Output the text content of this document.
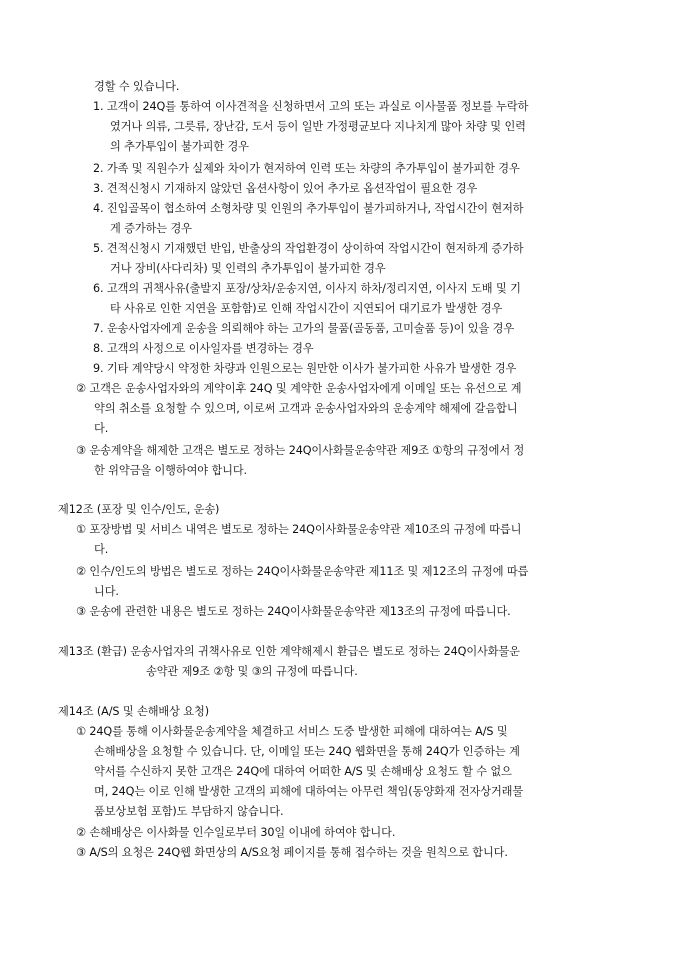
경할 수 있습니다.
1. 고객이 24Q를 통하여 이사견적을 신청하면서 고의 또는 과실로 이사물품 정보를 누락하
였거나 의류, 그릇류, 장난감, 도서 등이 일반 가정평균보다 지나치게 많아 차량 및 인력
의 추가투입이 불가피한 경우
2. 가족 및 직원수가 실제와 차이가 현저하여 인력 또는 차량의 추가투입이 불가피한 경우
3. 견적신청시 기재하지 않았던 옵션사항이 있어 추가로 옵션작업이 필요한 경우
4. 진입골목이 협소하여 소형차량 및 인원의 추가투입이 불가피하거나, 작업시간이 현저하
게 증가하는 경우
5. 견적신청시 기재했던 반입, 반출상의 작업환경이 상이하여 작업시간이 현저하게 증가하
거나 장비(사다리차) 및 인력의 추가투입이 불가피한 경우
6. 고객의 귀책사유(출발지 포장/상차/운송지연, 이사지 하차/정리지연, 이사지 도배 및 기
타 사유로 인한 지연을 포함함)로 인해 작업시간이 지연되어 대기료가 발생한 경우
7. 운송사업자에게 운송을 의뢰해야 하는 고가의 물품(골동품, 고미술품 등)이 있을 경우
8. 고객의 사정으로 이사일자를 변경하는 경우
9. 기타 계약당시 약정한 차량과 인원으로는 원만한 이사가 불가피한 사유가 발생한 경우
② 고객은 운송사업자와의 계약이후 24Q 및 계약한 운송사업자에게 이메일 또는 유선으로 계
약의 취소를 요청할 수 있으며, 이로써 고객과 운송사업자와의 운송계약 해제에 갈음합니
다.
③ 운송계약을 해제한 고객은 별도로 정하는 24Q이사화물운송약관 제9조 ①항의 규정에서 정
한 위약금을 이행하여야 합니다.
제12조 (포장 및 인수/인도, 운송)
① 포장방법 및 서비스 내역은 별도로 정하는 24Q이사화물운송약관 제10조의 규정에 따릅니
다.
② 인수/인도의 방법은 별도로 정하는 24Q이사화물운송약관 제11조 및 제12조의 규정에 따릅
니다.
③ 운송에 관련한 내용은 별도로 정하는 24Q이사화물운송약관 제13조의 규정에 따릅니다.
제13조 (환급) 운송사업자의 귀책사유로 인한 계약해제시 환급은 별도로 정하는 24Q이사화물운
송약관 제9조 ②항 및 ③의 규정에 따릅니다.
제14조 (A/S 및 손해배상 요청)
① 24Q를 통해 이사화물운송계약을 체결하고 서비스 도중 발생한 피해에 대하여는 A/S 및
손해배상을 요청할 수 있습니다. 단, 이메일 또는 24Q 웹화면을 통해 24Q가 인증하는 계
약서를 수신하지 못한 고객은 24Q에 대하여 어떠한 A/S 및 손해배상 요청도 할 수 없으
며, 24Q는 이로 인해 발생한 고객의 피해에 대하여는 아무런 책임(동양화재 전자상거래물
품보상보험 포함)도 부담하지 않습니다.
② 손해배상은 이사화물 인수일로부터 30일 이내에 하여야 합니다.
③ A/S의 요청은 24Q웹 화면상의 A/S요청 페이지를 통해 접수하는 것을 원칙으로 합니다.
